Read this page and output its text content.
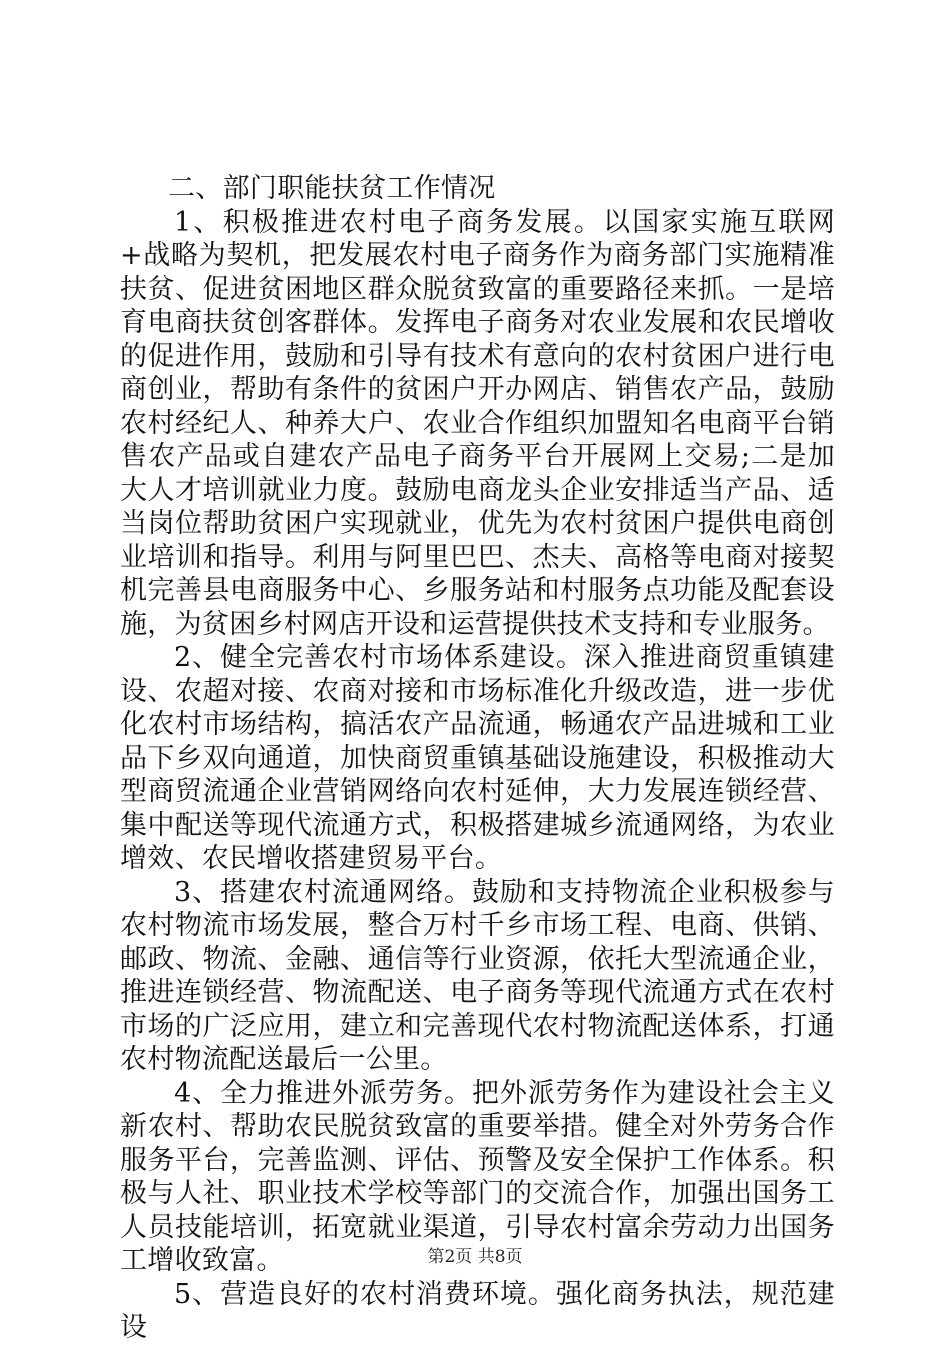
二、部门职能扶贫工作情况

1、积极推进农村电子商务发展。以国家实施互联网+战略为契机，把发展农村电子商务作为商务部门实施精准扶贫、促进贫困地区群众脱贫致富的重要路径来抓。一是培育电商扶贫创客群体。发挥电子商务对农业发展和农民增收的促进作用，鼓励和引导有技术有意向的农村贫困户进行电商创业，帮助有条件的贫困户开办网店、销售农产品，鼓励农村经纪人、种养大户、农业合作组织加盟知名电商平台销售农产品或自建农产品电子商务平台开展网上交易;二是加大人才培训就业力度。鼓励电商龙头企业安排适当产品、适当岗位帮助贫困户实现就业，优先为农村贫困户提供电商创业培训和指导。利用与阿里巴巴、杰夫、高格等电商对接契机完善县电商服务中心、乡服务站和村服务点功能及配套设施，为贫困乡村网店开设和运营提供技术支持和专业服务。

2、健全完善农村市场体系建设。深入推进商贸重镇建设、农超对接、农商对接和市场标准化升级改造，进一步优化农村市场结构，搞活农产品流通，畅通农产品进城和工业品下乡双向通道，加快商贸重镇基础设施建设，积极推动大型商贸流通企业营销网络向农村延伸，大力发展连锁经营、集中配送等现代流通方式，积极搭建城乡流通网络，为农业增效、农民增收搭建贸易平台。

3、搭建农村流通网络。鼓励和支持物流企业积极参与农村物流市场发展，整合万村千乡市场工程、电商、供销、邮政、物流、金融、通信等行业资源，依托大型流通企业，推进连锁经营、物流配送、电子商务等现代流通方式在农村市场的广泛应用，建立和完善现代农村物流配送体系，打通农村物流配送最后一公里。

4、全力推进外派劳务。把外派劳务作为建设社会主义新农村、帮助农民脱贫致富的重要举措。健全对外劳务合作服务平台，完善监测、评估、预警及安全保护工作体系。积极与人社、职业技术学校等部门的交流合作，加强出国务工人员技能培训，拓宽就业渠道，引导农村富余劳动力出国务工增收致富。

5、营造良好的农村消费环境。强化商务执法，规范建设

第2页 共8页
